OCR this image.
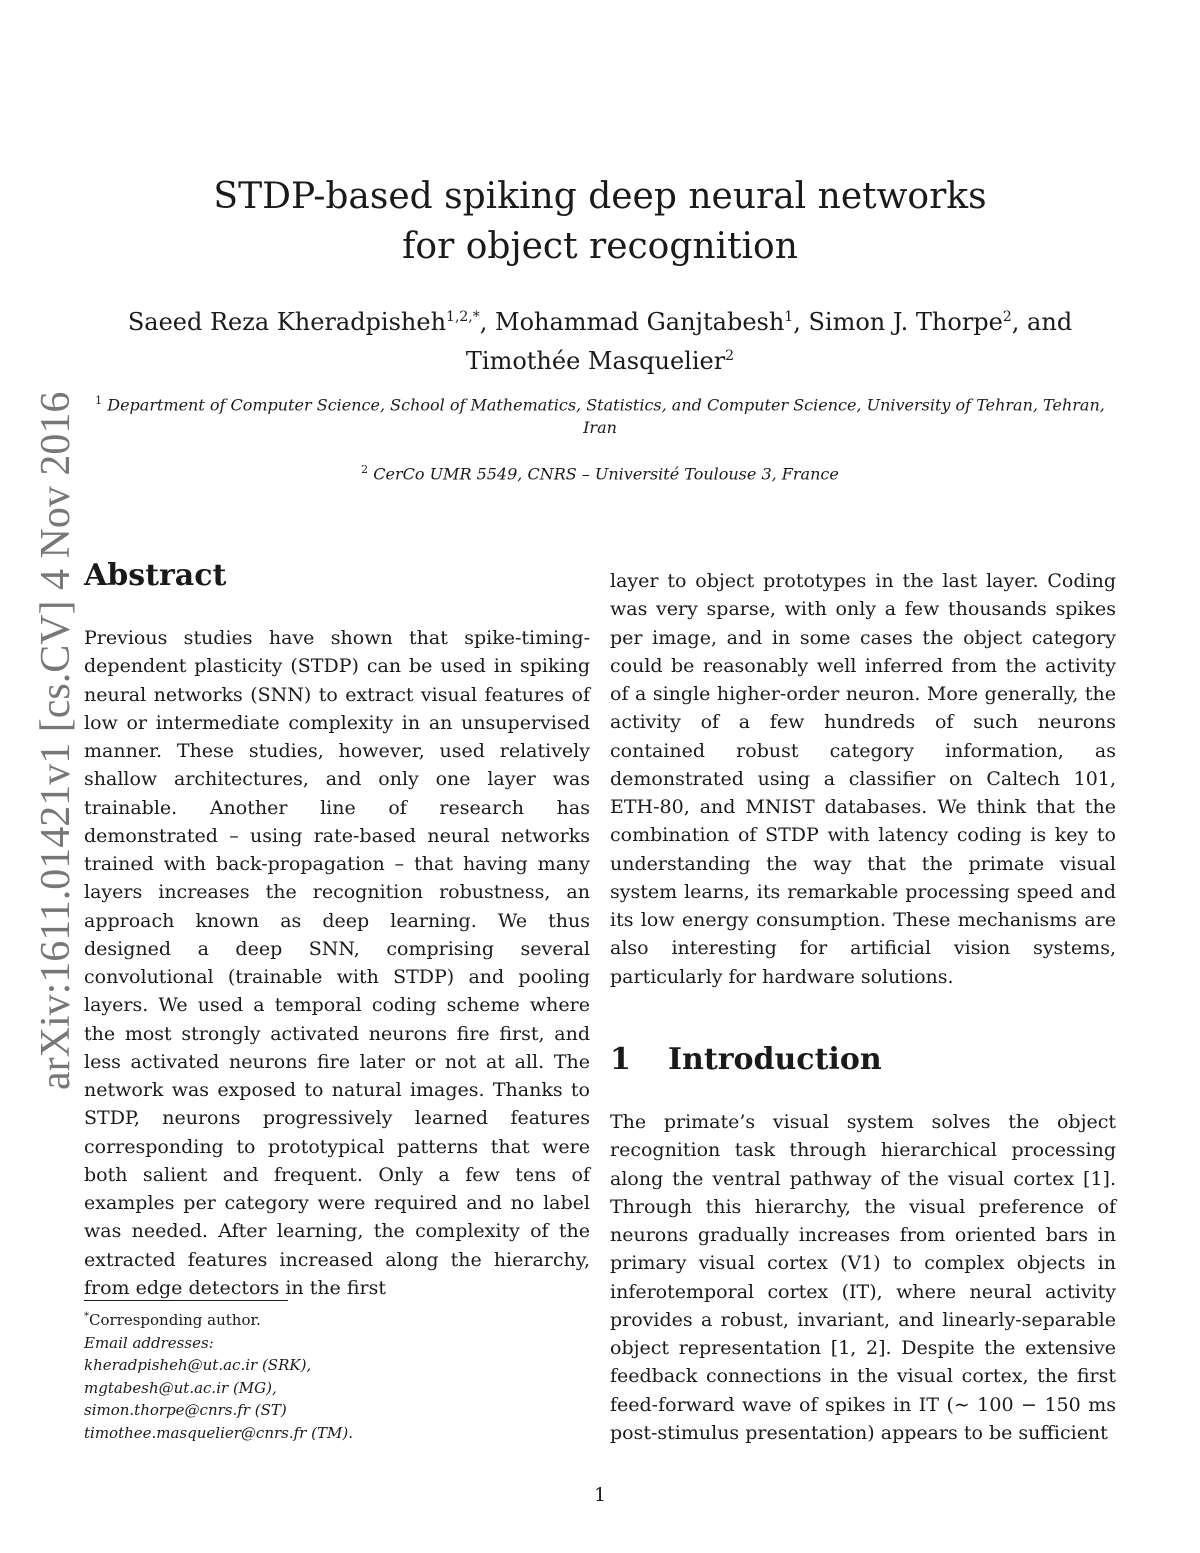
arXiv:1611.01421v1 [cs.CV] 4 Nov 2016
STDP-based spiking deep neural networks
for object recognition
Saeed Reza Kheradpisheh$^{1,2,*}$, Mohammad Ganjtabesh$^1$, Simon J. Thorpe$^2$, and
Timothée Masquelier$^2$
$^1$ Department of Computer Science, School of Mathematics, Statistics, and Computer Science, University of Tehran, Tehran, Iran
$^2$ CerCo UMR 5549, CNRS – Université Toulouse 3, France
Abstract

Previous studies have shown that spike-timing-dependent plasticity (STDP) can be used in spiking neural networks (SNN) to extract visual features of low or intermediate complexity in an unsupervised manner. These studies, however, used relatively shallow architectures, and only one layer was trainable. Another line of research has demonstrated – using rate-based neural networks trained with back-propagation – that having many layers increases the recognition robustness, an approach known as deep learning. We thus designed a deep SNN, comprising several convolutional (trainable with STDP) and pooling layers. We used a temporal coding scheme where the most strongly activated neurons fire first, and less activated neurons fire later or not at all. The network was exposed to natural images. Thanks to STDP, neurons progressively learned features corresponding to prototypical patterns that were both salient and frequent. Only a few tens of examples per category were required and no label was needed. After learning, the complexity of the extracted features increased along the hierarchy, from edge detectors in the first

layer to object prototypes in the last layer. Coding was very sparse, with only a few thousands spikes per image, and in some cases the object category could be reasonably well inferred from the activity of a single higher-order neuron. More generally, the activity of a few hundreds of such neurons contained robust category information, as demonstrated using a classifier on Caltech 101, ETH-80, and MNIST databases. We think that the combination of STDP with latency coding is key to understanding the way that the primate visual system learns, its remarkable processing speed and its low energy consumption. These mechanisms are also interesting for artificial vision systems, particularly for hardware solutions.

1 Introduction

The primate’s visual system solves the object recognition task through hierarchical processing along the ventral pathway of the visual cortex [1]. Through this hierarchy, the visual preference of neurons gradually increases from oriented bars in primary visual cortex (V1) to complex objects in inferotemporal cortex (IT), where neural activity provides a robust, invariant, and linearly-separable object representation [1, 2]. Despite the extensive feedback connections in the visual cortex, the first feed-forward wave of spikes in IT (∼ 100 − 150 ms post-stimulus presentation) appears to be sufficient

*Corresponding author.
Email addresses:
kheradpisheh@ut.ac.ir (SRK),
mgtabesh@ut.ac.ir (MG),
simon.thorpe@cnrs.fr (ST)
timothee.masquelier@cnrs.fr (TM).
1
